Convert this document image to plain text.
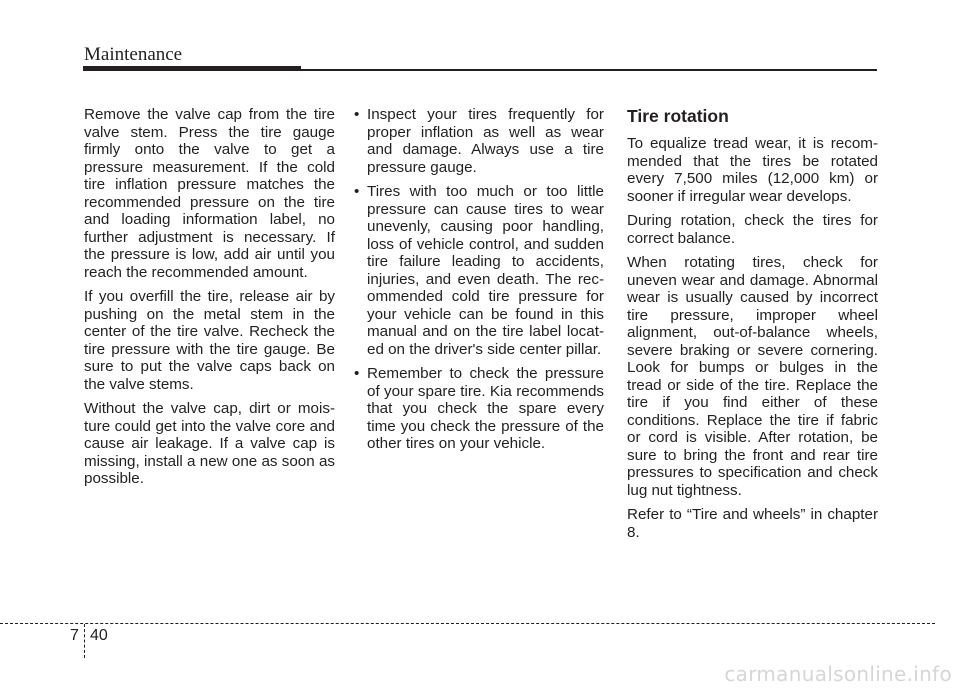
Maintenance

Remove the valve cap from the tire valve stem. Press the tire gauge firmly onto the valve to get a pressure measurement. If the cold tire inflation pressure matches the recommended pressure on the tire and loading information label, no further adjustment is necessary. If the pressure is low, add air until you reach the recommended amount.

If you overfill the tire, release air by pushing on the metal stem in the center of the tire valve. Recheck the tire pressure with the tire gauge. Be sure to put the valve caps back on the valve stems.

Without the valve cap, dirt or moisture could get into the valve core and cause air leakage. If a valve cap is missing, install a new one as soon as possible.

• Inspect your tires frequently for proper inflation as well as wear and damage. Always use a tire pressure gauge.
• Tires with too much or too little pressure can cause tires to wear unevenly, causing poor handling, loss of vehicle control, and sudden tire failure leading to accidents, injuries, and even death. The recommended cold tire pressure for your vehicle can be found in this manual and on the tire label located on the driver's side center pillar.
• Remember to check the pressure of your spare tire. Kia recommends that you check the spare every time you check the pressure of the other tires on your vehicle.
Tire rotation

To equalize tread wear, it is recommended that the tires be rotated every 7,500 miles (12,000 km) or sooner if irregular wear develops.

During rotation, check the tires for correct balance.

When rotating tires, check for uneven wear and damage. Abnormal wear is usually caused by incorrect tire pressure, improper wheel alignment, out-of-balance wheels, severe braking or severe cornering. Look for bumps or bulges in the tread or side of the tire. Replace the tire if you find either of these conditions. Replace the tire if fabric or cord is visible. After rotation, be sure to bring the front and rear tire pressures to specification and check lug nut tightness.

Refer to “Tire and wheels” in chapter 8.

7 40
carmanualsonline.info
